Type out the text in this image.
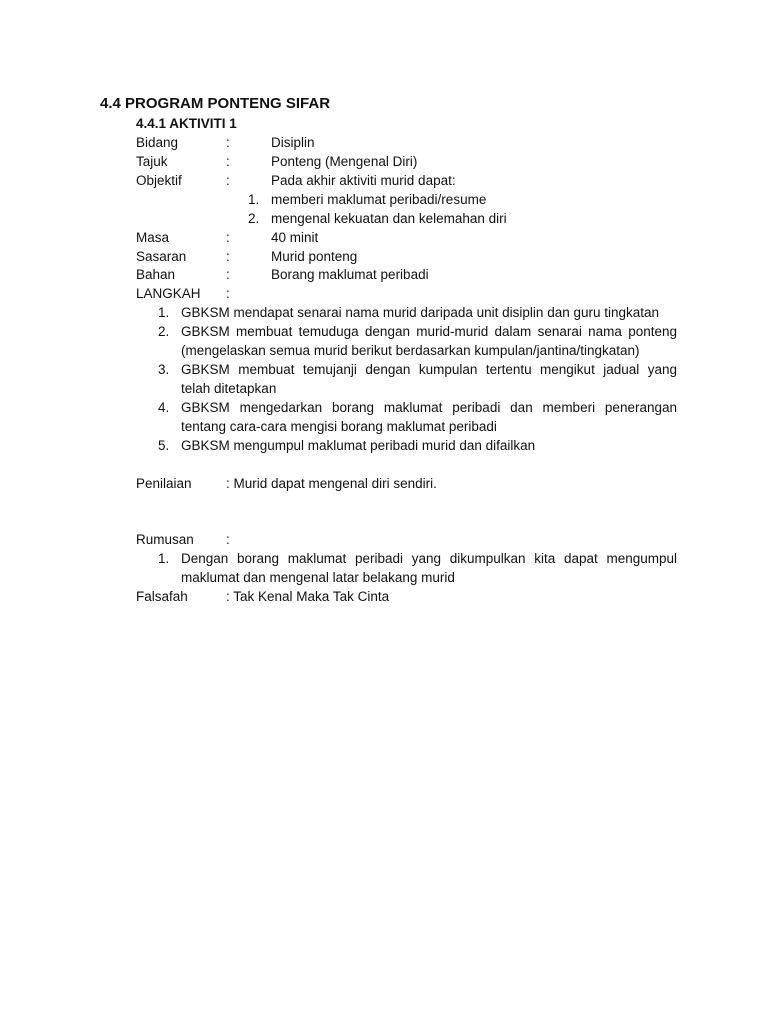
4.4 PROGRAM PONTENG SIFAR
4.4.1 AKTIVITI 1
Bidang	:	Disiplin
Tajuk	:	Ponteng (Mengenal Diri)
Objektif	:	Pada akhir aktiviti murid dapat:
1. memberi maklumat peribadi/resume
2. mengenal kekuatan dan kelemahan diri
Masa	:	40 minit
Sasaran	:	Murid ponteng
Bahan	:	Borang maklumat peribadi
LANGKAH :
1. GBKSM mendapat senarai nama murid daripada unit disiplin dan guru tingkatan
2. GBKSM membuat temuduga dengan murid-murid dalam senarai nama ponteng
(mengelaskan semua murid berikut berdasarkan kumpulan/jantina/tingkatan)
3. GBKSM membuat temujanji dengan kumpulan tertentu mengikut jadual yang
telah ditetapkan
4. GBKSM mengedarkan borang maklumat peribadi dan memberi penerangan
tentang cara-cara mengisi borang maklumat peribadi
5. GBKSM mengumpul maklumat peribadi murid dan difailkan
Penilaian	: Murid dapat mengenal diri sendiri.
Rumusan :
1. Dengan borang maklumat peribadi yang dikumpulkan kita dapat mengumpul
maklumat dan mengenal latar belakang murid
Falsafah	: Tak Kenal Maka Tak Cinta
